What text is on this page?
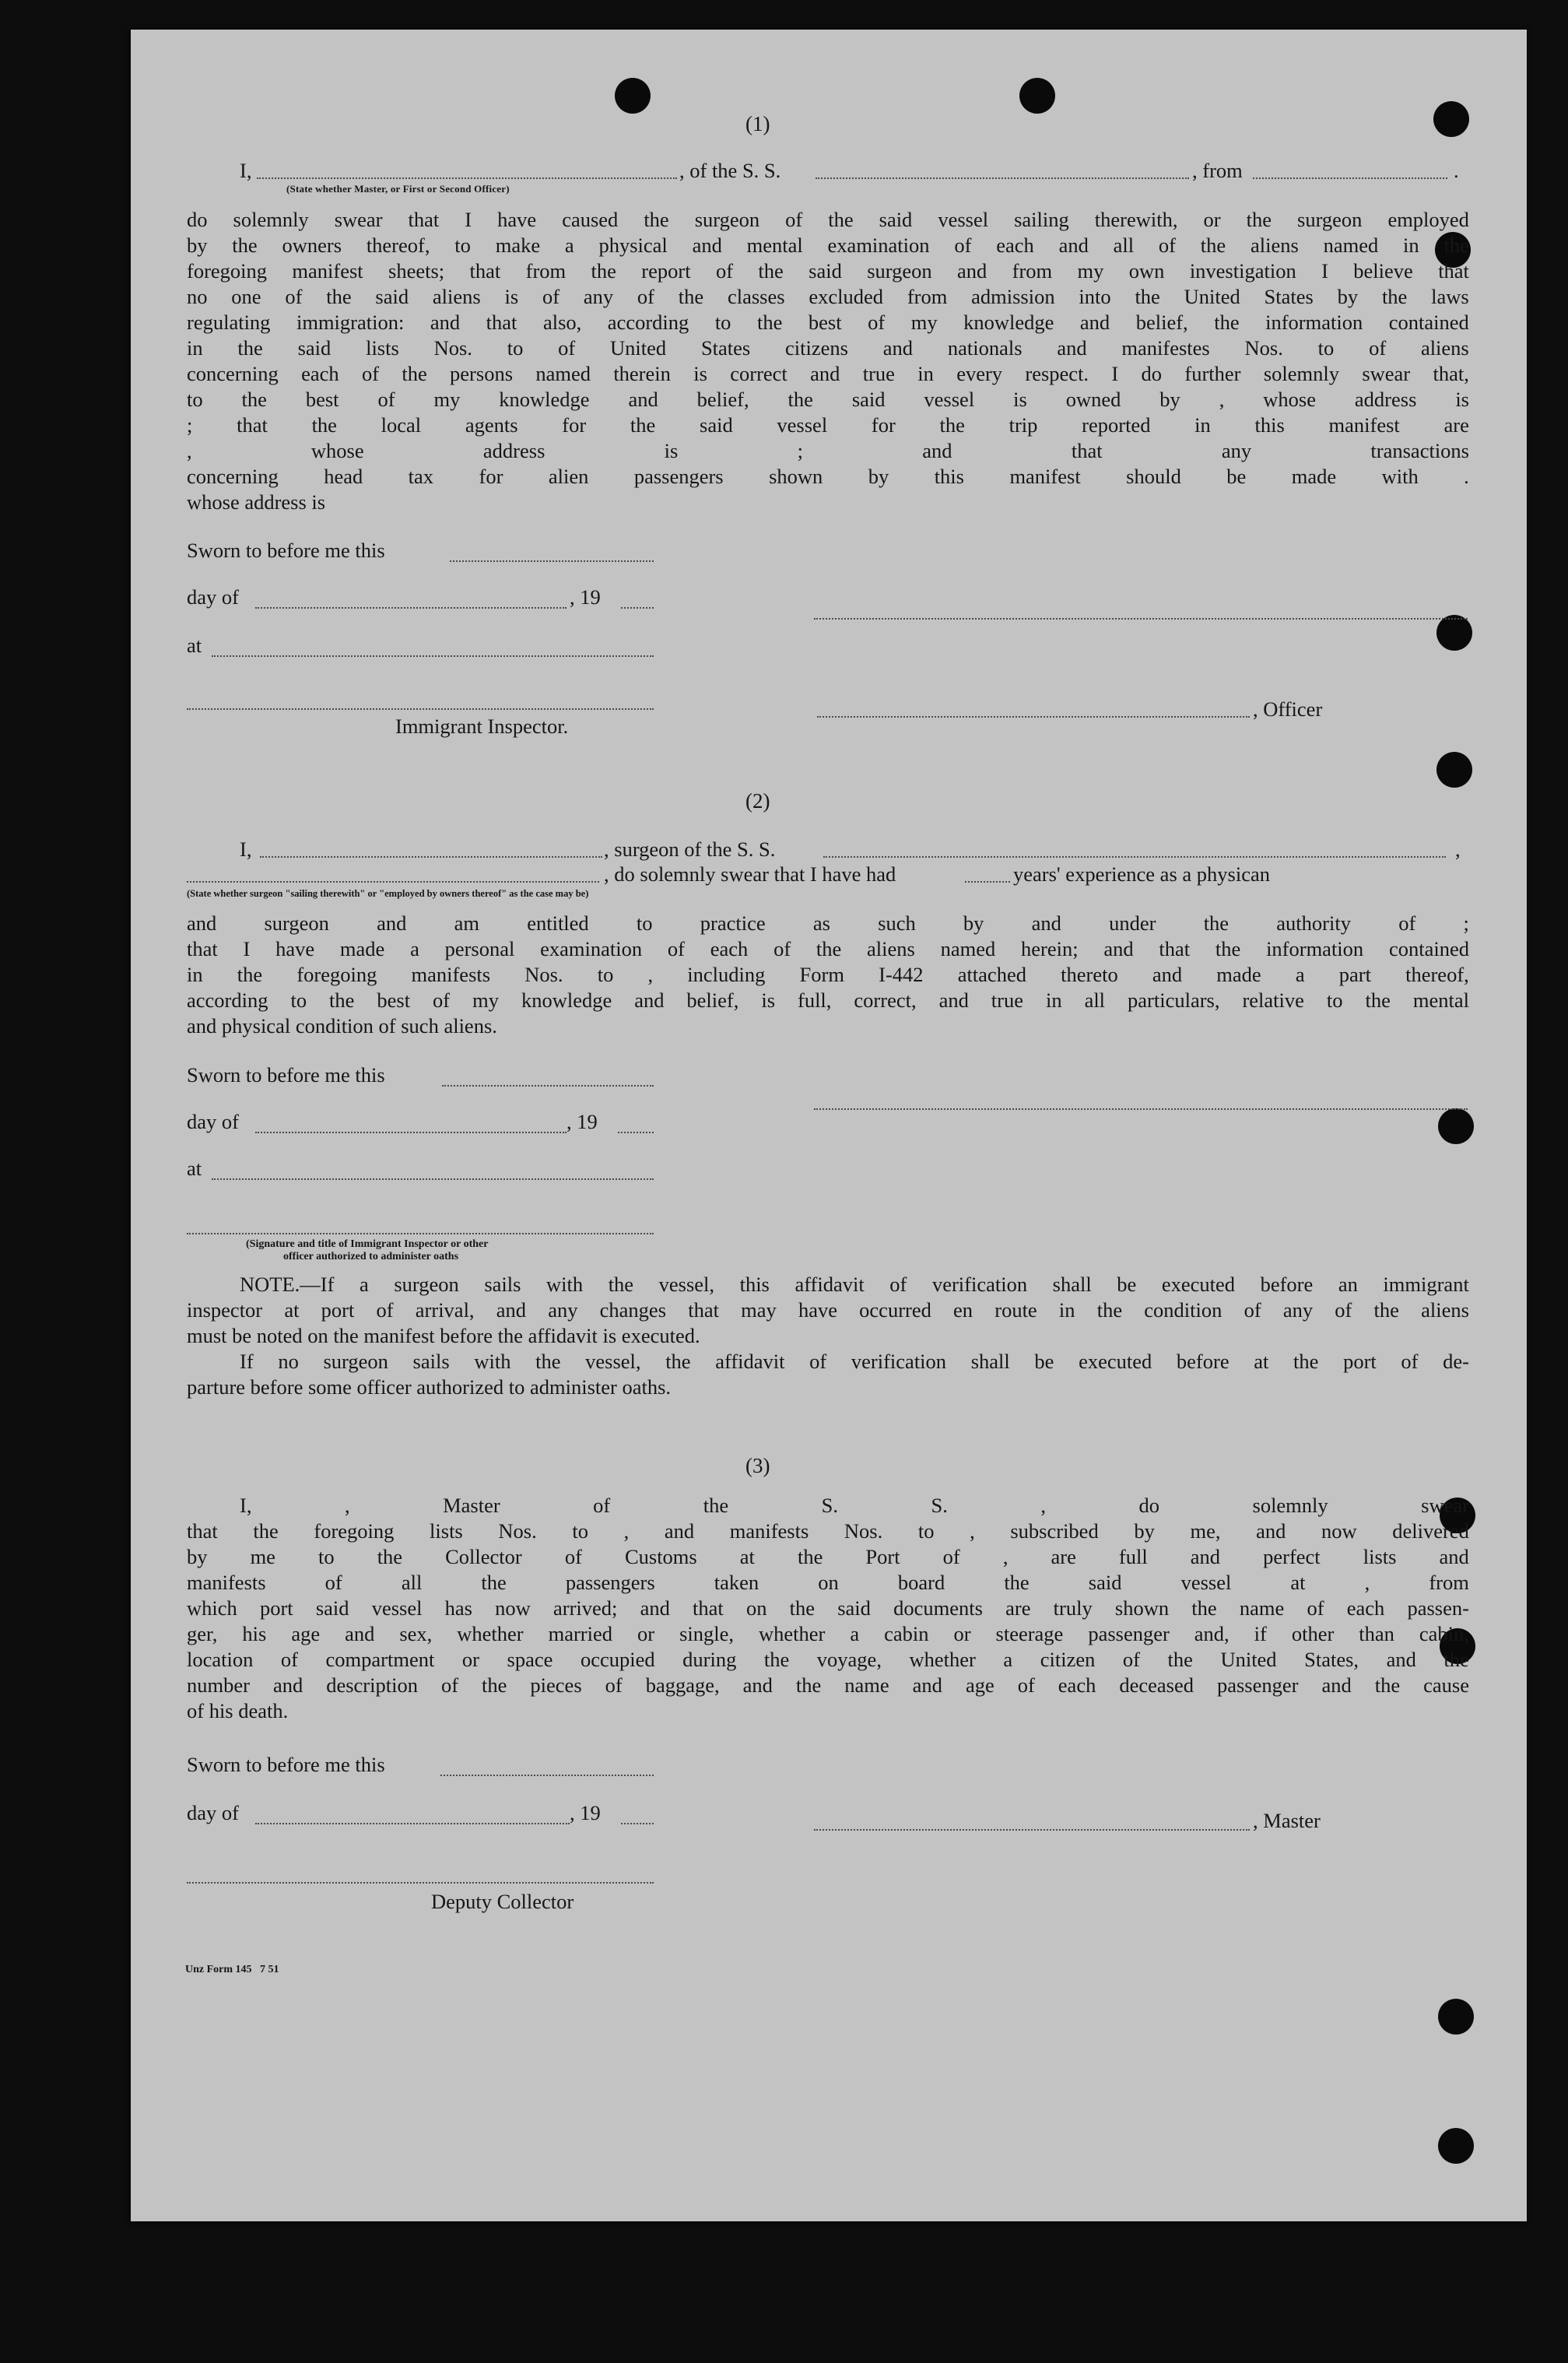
(1)
I,	, of the S. S.	, from	.
(State whether Master, or First or Second Officer)
do solemnly swear that I have caused the surgeon of the said vessel sailing therewith, or the surgeon employed
by the owners thereof, to make a physical and mental examination of each and all of the aliens named in the
foregoing manifest sheets; that from the report of the said surgeon and from my own investigation I believe that
no one of the said aliens is of any of the classes excluded from admission into the United States by the laws
regulating immigration: and that also, according to the best of my knowledge and belief, the information contained
in the said lists Nos. to of United States citizens and nationals and manifestes Nos. to of aliens
concerning each of the persons named therein is correct and true in every respect. I do further solemnly swear that,
to the best of my knowledge and belief, the said vessel is owned by , whose address is
; that the local agents for the said vessel for the trip reported in this manifest are
,	whose	address	is	;	and	that	any	transactions
concerning head tax for alien passengers shown by this manifest should be made with .
whose address is
Sworn to before me this
day of	, 19
at
Immigrant Inspector.
, Officer
(2)
I,	, surgeon of the S. S.	,
, do solemnly swear that I have had	years' experience as a physican
(State whether surgeon "sailing therewith" or "employed by owners thereof" as the case may be)
and surgeon and am entitled to practice as such by and under the authority of ;
that I have made a personal examination of each of the aliens named herein; and that the information contained
in the foregoing manifests Nos. to , including Form I-442 attached thereto and made a part thereof,
according to the best of my knowledge and belief, is full, correct, and true in all particulars, relative to the mental
and physical condition of such aliens.
Sworn to before me this
day of	, 19
at
(Signature and title of Immigrant Inspector or other
officer authorized to administer oaths
NOTE.—If a surgeon sails with the vessel, this affidavit of verification shall be executed before an immigrant
inspector at port of arrival, and any changes that may have occurred en route in the condition of any of the aliens
must be noted on the manifest before the affidavit is executed.
If no surgeon sails with the vessel, the affidavit of verification shall be executed before at the port of de-
parture before some officer authorized to administer oaths.
(3)
I,	,	Master	of	the	S.	S.	,	do	solemnly	swear
that the foregoing lists Nos. to , and manifests Nos. to , subscribed by me, and now delivered
by me to the Collector of Customs at the Port of , are full and perfect lists and
manifests	of	all	the	passengers	taken	on	board	the	said	vessel	at	,	from
which port said vessel has now arrived; and that on the said documents are truly shown the name of each passen-
ger, his age and sex, whether married or single, whether a cabin or steerage passenger and, if other than cabin,
location of compartment or space occupied during the voyage, whether a citizen of the United States, and the
number and description of the pieces of baggage, and the name and age of each deceased passenger and the cause
of his death.
Sworn to before me this
day of	, 19	, Master
Deputy Collector
Unz Form 145   7 51
